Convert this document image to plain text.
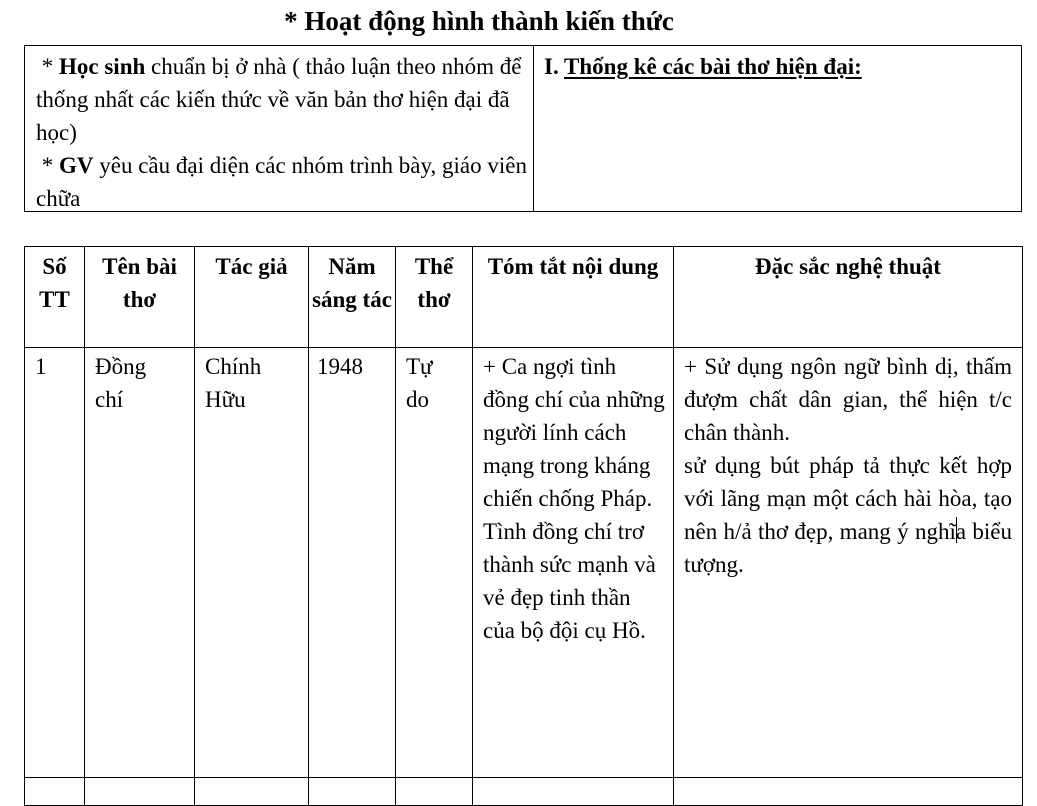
* Hoạt động hình thành kiến thức

* Học sinh chuẩn bị ở nhà ( thảo luận theo nhóm để thống nhất các kiến thức về văn bản thơ hiện đại đã học)

* GV yêu cầu đại diện các nhóm trình bày, giáo viên chữa

I. Thống kê các bài thơ hiện đại:
Số TT	Tên bài thơ	Tác giả	Năm sáng tác	Thể thơ	Tóm tắt nội dung	Đặc sắc nghệ thuật
1	Đồng chí	Chính Hữu	1948	Tự do	+ Ca ngợi tình đồng chí của những người lính cách mạng trong kháng chiến chống Pháp. Tình đồng chí trơ thành sức mạnh và vẻ đẹp tinh thần của bộ đội cụ Hồ.	+ Sử dụng ngôn ngữ bình dị, thấm đượm chất dân gian, thể hiện t/c chân thành.
sử dụng bút pháp tả thực kết hợp với lãng mạn một cách hài hòa, tạo nên h/ả thơ đẹp, mang ý nghĩa biểu tượng.
